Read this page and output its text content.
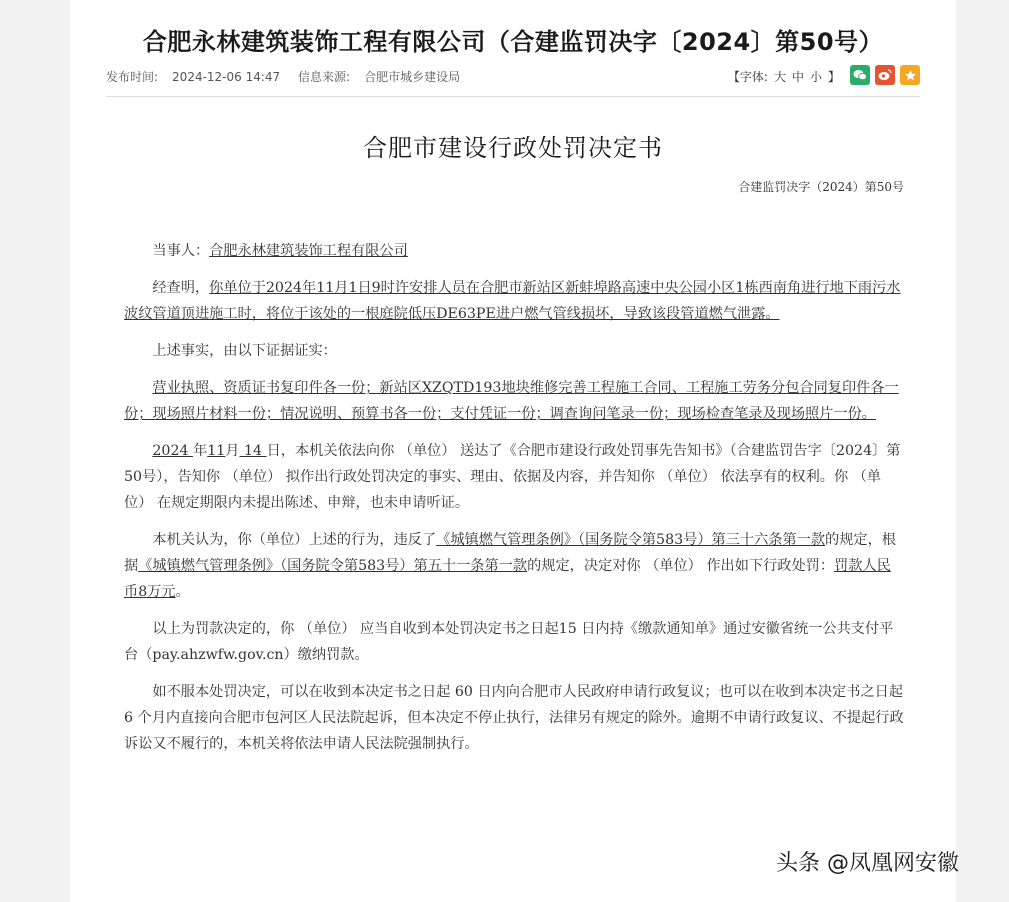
合肥永林建筑装饰工程有限公司（合建监罚决字〔2024〕第50号）
发布时间: 2024-12-06 14:47 信息来源: 合肥市城乡建设局	【字体: 大 中 小 】
合肥市建设行政处罚决定书
合建监罚决字（2024）第50号

当事人：合肥永林建筑装饰工程有限公司

经查明，你单位于2024年11月1日9时许安排人员在合肥市新站区新蚌埠路高速中央公园小区1栋西南角进行地下雨污水波纹管道顶进施工时，将位于该处的一根庭院低压DE63PE进户燃气管线损坏，导致该段管道燃气泄露。

上述事实，由以下证据证实：

营业执照、资质证书复印件各一份；新站区XZQTD193地块维修完善工程施工合同、工程施工劳务分包合同复印件各一份；现场照片材料一份；情况说明、预算书各一份；支付凭证一份；调查询问笔录一份；现场检查笔录及现场照片一份。

2024 年11月 14 日，本机关依法向你 （单位） 送达了《合肥市建设行政处罚事先告知书》（合建监罚告字〔2024〕第50号），告知你 （单位） 拟作出行政处罚决定的事实、理由、依据及内容，并告知你 （单位） 依法享有的权利。你 （单位） 在规定期限内未提出陈述、申辩，也未申请听证。

本机关认为，你（单位）上述的行为，违反了《城镇燃气管理条例》（国务院令第583号）第三十六条第一款的规定，根据《城镇燃气管理条例》（国务院令第583号）第五十一条第一款的规定，决定对你 （单位） 作出如下行政处罚：罚款人民币8万元。

以上为罚款决定的，你 （单位） 应当自收到本处罚决定书之日起15 日内持《缴款通知单》通过安徽省统一公共支付平台（pay.ahzwfw.gov.cn）缴纳罚款。

如不服本处罚决定，可以在收到本决定书之日起 60 日内向合肥市人民政府申请行政复议；也可以在收到本决定书之日起 6 个月内直接向合肥市包河区人民法院起诉，但本决定不停止执行，法律另有规定的除外。逾期不申请行政复议、不提起行政诉讼又不履行的，本机关将依法申请人民法院强制执行。

头条 @凤凰网安徽
